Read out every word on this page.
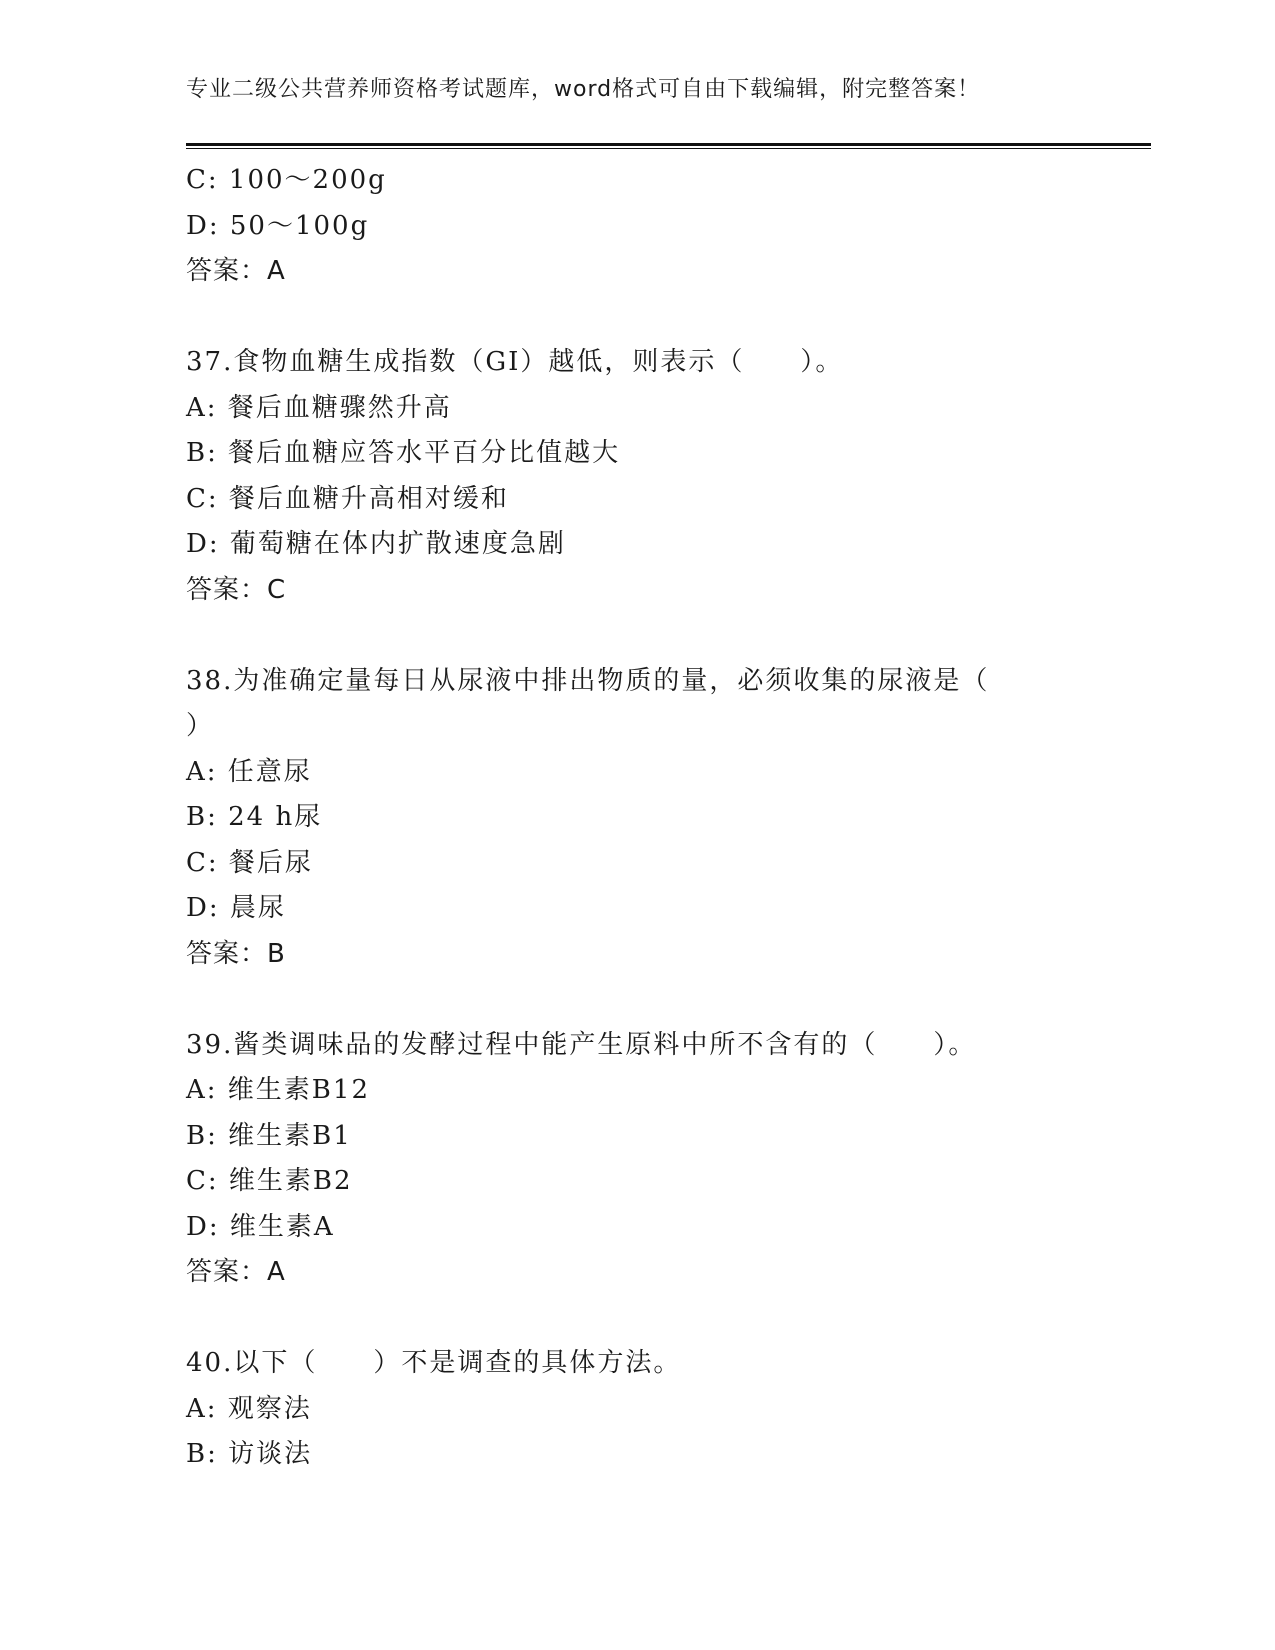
专业二级公共营养师资格考试题库，word格式可自由下载编辑，附完整答案！
C: 100～200g
D: 50～100g
答案：A
37.食物血糖生成指数（GI）越低，则表示（　　）。
A: 餐后血糖骤然升高
B: 餐后血糖应答水平百分比值越大
C: 餐后血糖升高相对缓和
D: 葡萄糖在体内扩散速度急剧
答案：C
38.为准确定量每日从尿液中排出物质的量，必须收集的尿液是（
）
A: 任意尿
B: 24 h尿
C: 餐后尿
D: 晨尿
答案：B
39.酱类调味品的发酵过程中能产生原料中所不含有的（　　）。
A: 维生素B12
B: 维生素B1
C: 维生素B2
D: 维生素A
答案：A
40.以下（　　）不是调查的具体方法。
A: 观察法
B: 访谈法
